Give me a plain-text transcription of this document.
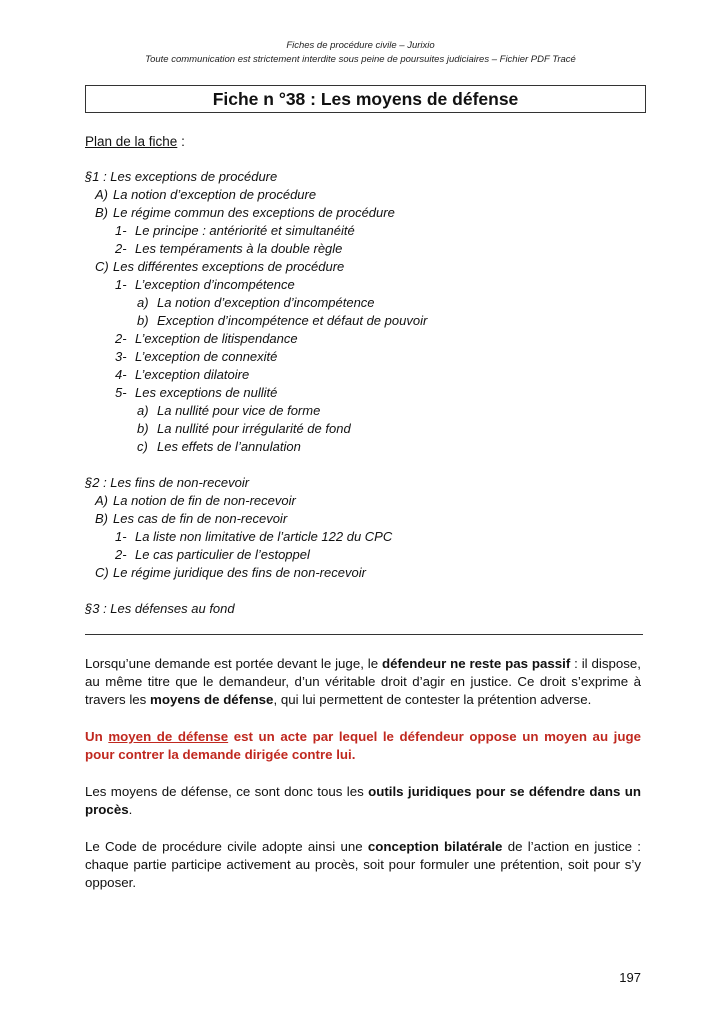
Fiches de procédure civile – Jurixio
Toute communication est strictement interdite sous peine de poursuites judiciaires – Fichier PDF Tracé
Fiche n °38 : Les moyens de défense
Plan de la fiche :
§1 : Les exceptions de procédure
A) La notion d’exception de procédure
B) Le régime commun des exceptions de procédure
1- Le principe : antériorité et simultanéité
2- Les tempéraments à la double règle
C) Les différentes exceptions de procédure
1- L’exception d’incompétence
a) La notion d’exception d’incompétence
b) Exception d’incompétence et défaut de pouvoir
2- L’exception de litispendance
3- L’exception de connexité
4- L’exception dilatoire
5- Les exceptions de nullité
a) La nullité pour vice de forme
b) La nullité pour irrégularité de fond
c) Les effets de l’annulation
§2 : Les fins de non-recevoir
A) La notion de fin de non-recevoir
B) Les cas de fin de non-recevoir
1- La liste non limitative de l’article 122 du CPC
2- Le cas particulier de l’estoppel
C) Le régime juridique des fins de non-recevoir
§3 : Les défenses au fond
Lorsqu’une demande est portée devant le juge, le défendeur ne reste pas passif : il dispose, au même titre que le demandeur, d’un véritable droit d’agir en justice. Ce droit s’exprime à travers les moyens de défense, qui lui permettent de contester la prétention adverse.
Un moyen de défense est un acte par lequel le défendeur oppose un moyen au juge pour contrer la demande dirigée contre lui.
Les moyens de défense, ce sont donc tous les outils juridiques pour se défendre dans un procès.
Le Code de procédure civile adopte ainsi une conception bilatérale de l’action en justice : chaque partie participe activement au procès, soit pour formuler une prétention, soit pour s’y opposer.
197
